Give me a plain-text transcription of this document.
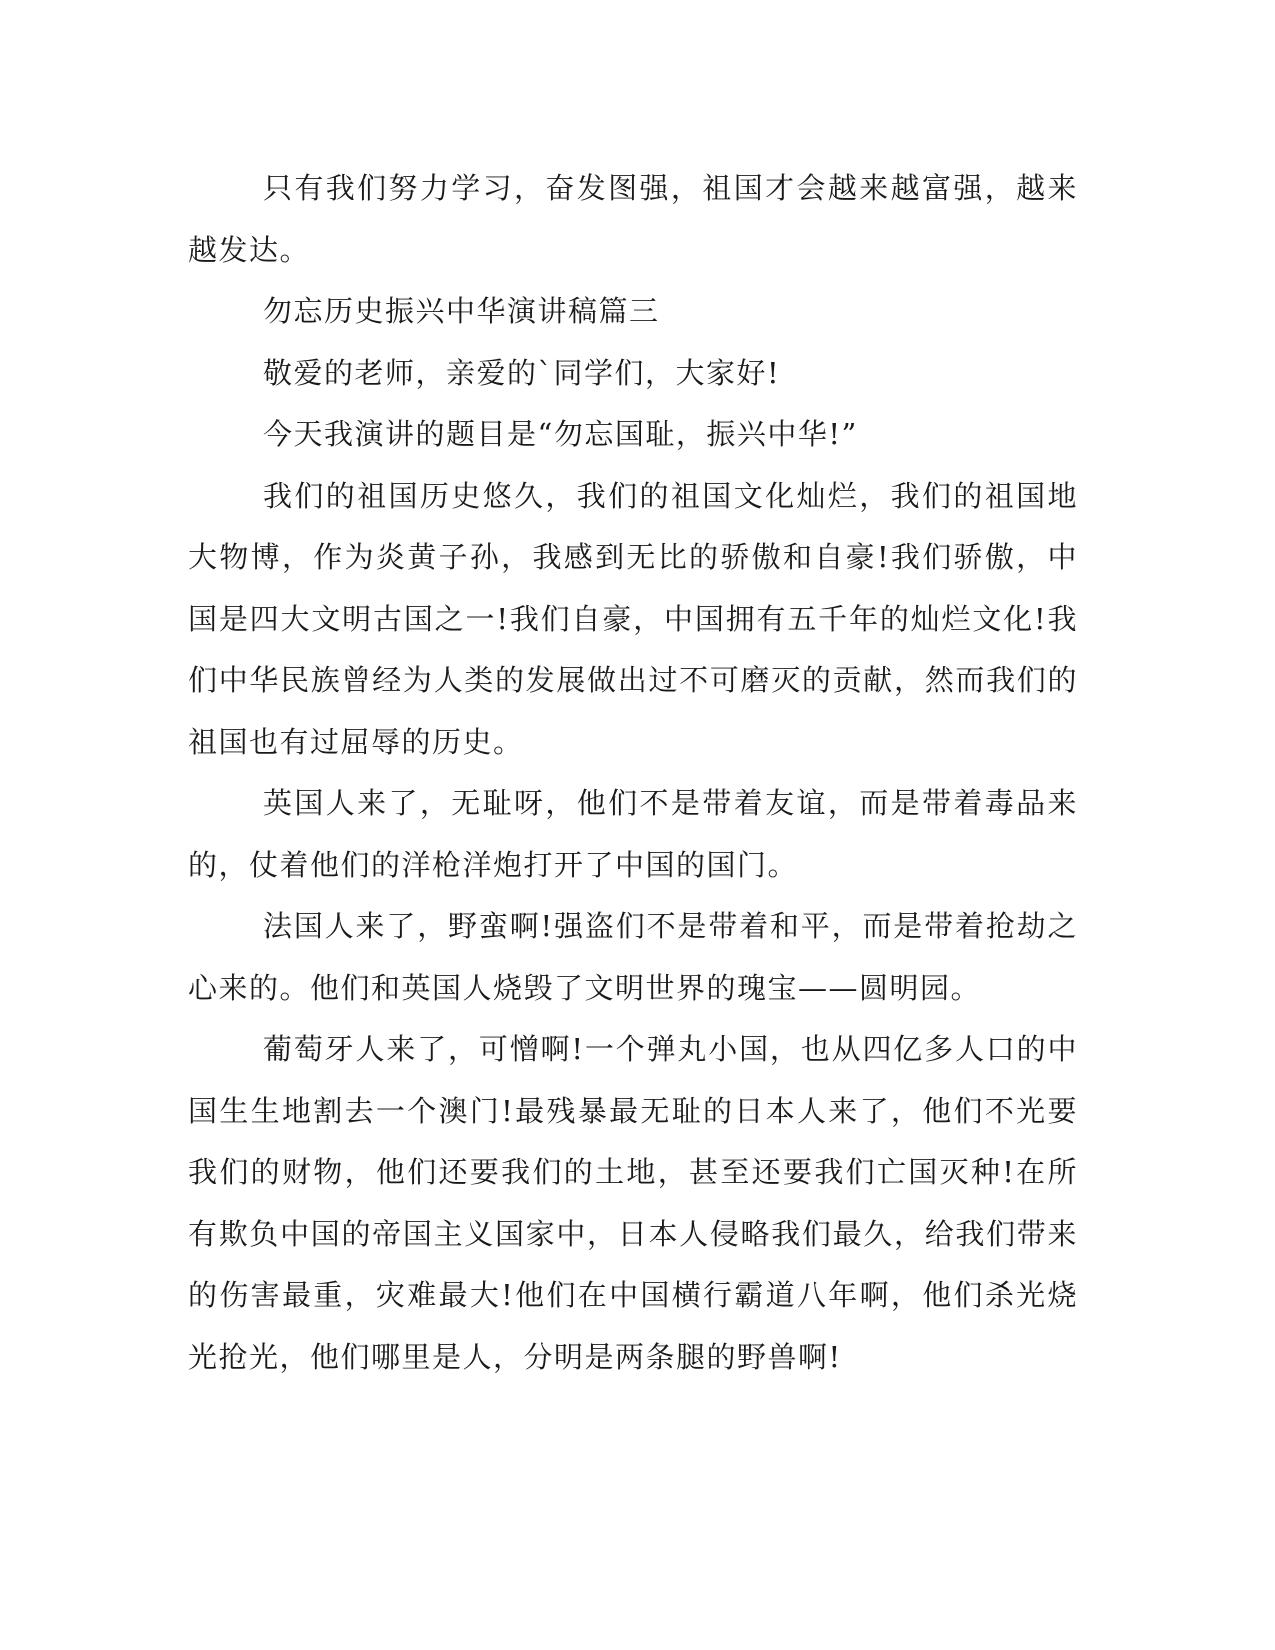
只有我们努力学习，奋发图强，祖国才会越来越富强，越来越发达。

勿忘历史振兴中华演讲稿篇三

敬爱的老师，亲爱的`同学们，大家好!

今天我演讲的题目是“勿忘国耻，振兴中华!”

我们的祖国历史悠久，我们的祖国文化灿烂，我们的祖国地大物博，作为炎黄子孙，我感到无比的骄傲和自豪!我们骄傲，中国是四大文明古国之一!我们自豪，中国拥有五千年的灿烂文化!我们中华民族曾经为人类的发展做出过不可磨灭的贡献，然而我们的祖国也有过屈辱的历史。

英国人来了，无耻呀，他们不是带着友谊，而是带着毒品来的，仗着他们的洋枪洋炮打开了中国的国门。

法国人来了，野蛮啊!强盗们不是带着和平，而是带着抢劫之心来的。他们和英国人烧毁了文明世界的瑰宝——圆明园。

葡萄牙人来了，可憎啊!一个弹丸小国，也从四亿多人口的中国生生地割去一个澳门!最残暴最无耻的日本人来了，他们不光要我们的财物，他们还要我们的土地，甚至还要我们亡国灭种!在所有欺负中国的帝国主义国家中，日本人侵略我们最久，给我们带来的伤害最重，灾难最大!他们在中国横行霸道八年啊，他们杀光烧光抢光，他们哪里是人，分明是两条腿的野兽啊!
